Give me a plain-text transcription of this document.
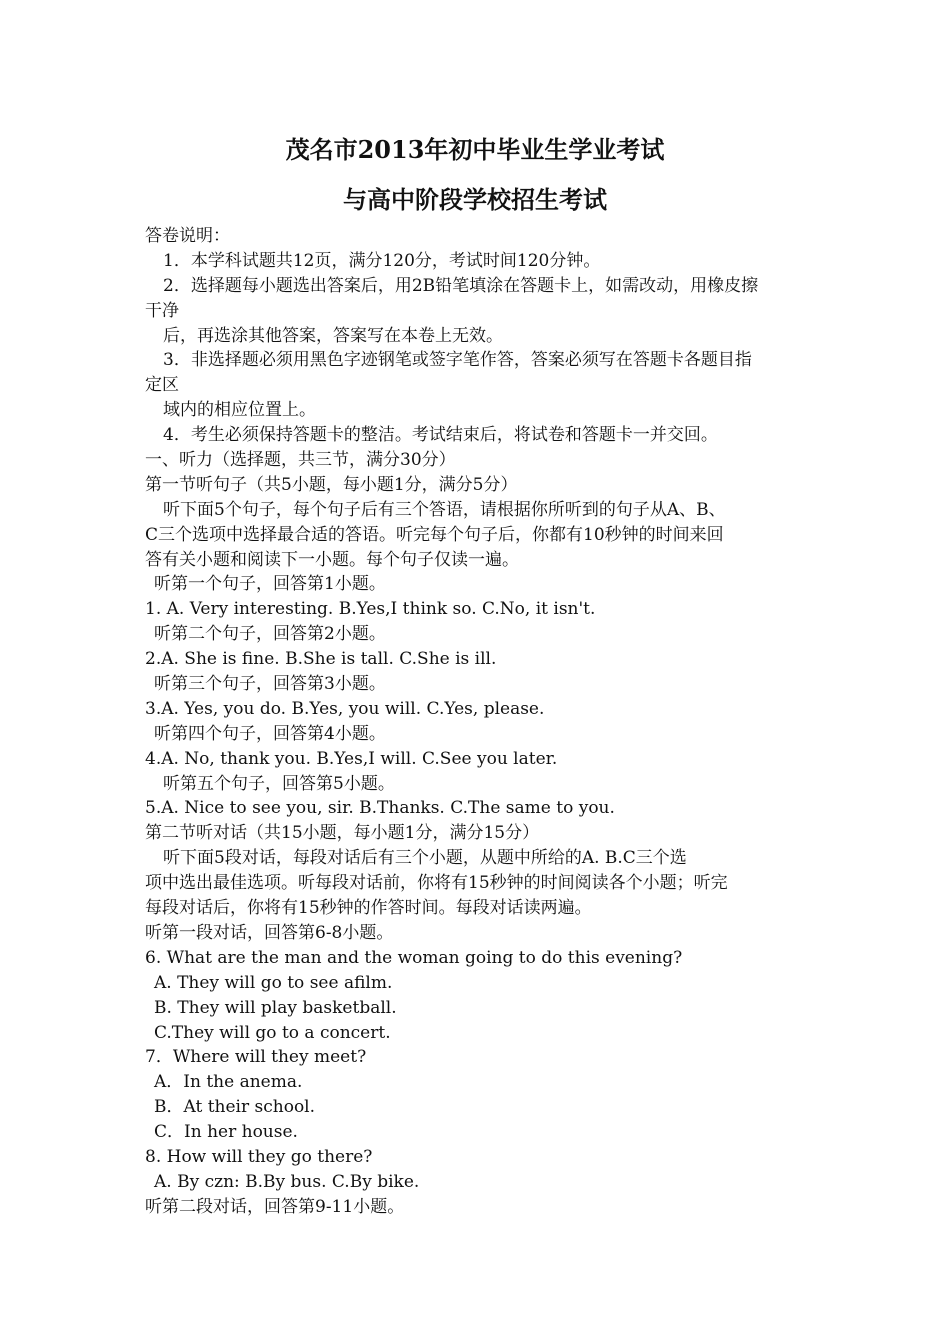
茂名市2013年初中毕业生学业考试
与高中阶段学校招生考试
答卷说明：
1．本学科试题共12页，满分120分，考试时间120分钟。
2．选择题每小题选出答案后，用2B铅笔填涂在答题卡上，如需改动，用橡皮擦
干净
后，再选涂其他答案，答案写在本卷上无效。
3．非选择题必须用黑色字迹钢笔或签字笔作答，答案必须写在答题卡各题目指
定区
域内的相应位置上。
4．考生必须保持答题卡的整洁。考试结束后，将试卷和答题卡一并交回。
一、听力（选择题，共三节，满分30分）
第一节听句子（共5小题，每小题1分，满分5分）
听下面5个句子，每个句子后有三个答语，请根据你所听到的句子从A、B、
C三个选项中选择最合适的答语。听完每个句子后，你都有10秒钟的时间来回
答有关小题和阅读下一小题。每个句子仅读一遍。
听第一个句子，回答第1小题。
1. A. Very interesting. B.Yes,I think so. C.No, it isn't.
听第二个句子，回答第2小题。
2.A. She is fine. B.She is tall. C.She is ill.
听第三个句子，回答第3小题。
3.A. Yes, you do. B.Yes, you will. C.Yes, please.
听第四个句子，回答第4小题。
4.A. No, thank you. B.Yes,I will. C.See you later.
听第五个句子，回答第5小题。
5.A. Nice to see you, sir. B.Thanks. C.The same to you.
第二节听对话（共15小题，每小题1分，满分15分）
听下面5段对话，每段对话后有三个小题，从题中所给的A. B.C三个选
项中选出最佳选项。听每段对话前，你将有15秒钟的时间阅读各个小题；听完
每段对话后，你将有15秒钟的作答时间。每段对话读两遍。
听第一段对话，回答第6-8小题。
6. What are the man and the woman going to do this evening?
A. They will go to see afilm.
B. They will play basketball.
C.They will go to a concert.
7．Where will they meet?
A．In the anema.
B．At their school.
C．In her house.
8. How will they go there?
A. By czn: B.By bus. C.By bike.
听第二段对话，回答第9-11小题。
